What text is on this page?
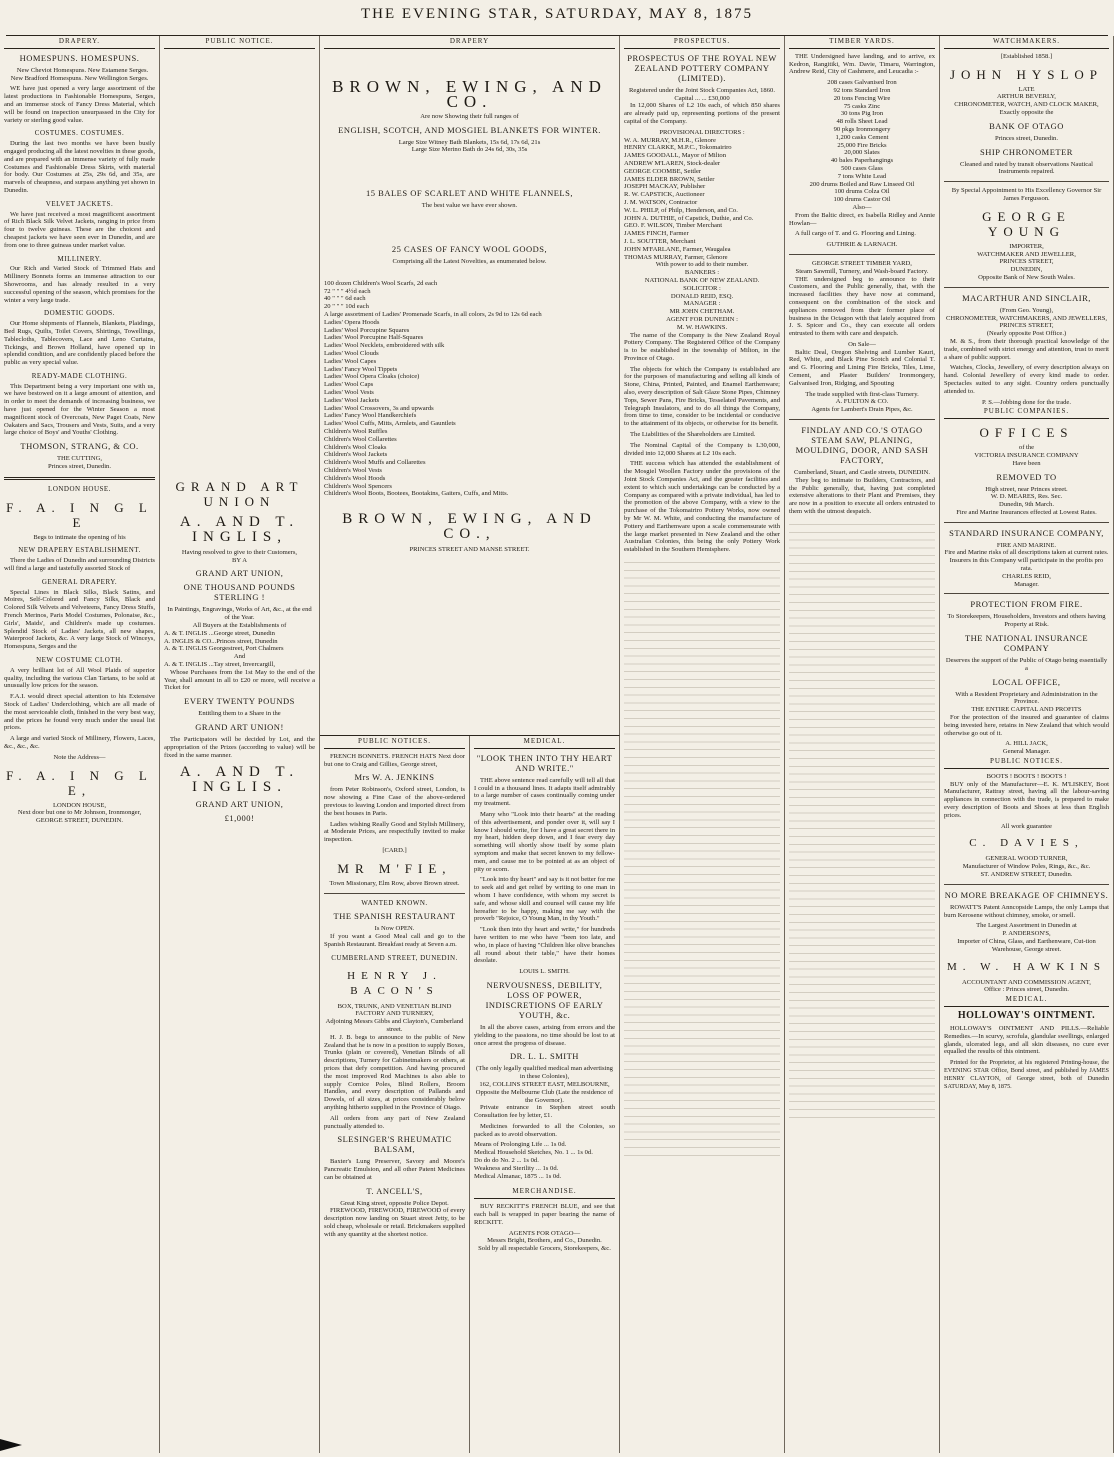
THE EVENING STAR, SATURDAY, MAY 8, 1875
DRAPERY.
HOMESPUNS. HOMESPUNS.
New Cheviot Homespuns. New Estamene Serges. New Bradford Homespuns. New Wellington Serges.
WE have just opened a very large assortment of the latest productions in Fashionable Homespuns, Serges, and an immense stock of Fancy Dress Material, which will be found on inspection unsurpassed in the City for variety or sterling good value.
COSTUMES. COSTUMES.
During the last two months we have been busily engaged producing all the latest novelties in these goods, and are prepared with an immense variety of fully made Costumes and Fashionable Dress Skirts, with material for body. Our Costumes at 25s, 29s 6d, and 35s, are marvels of cheapness, and surpass anything yet shown in Dunedin.
VELVET JACKETS.
We have just received a most magnificent assortment of Rich Black Silk Velvet Jackets, ranging in price from four to twelve guineas. These are the choicest and cheapest jackets we have seen ever in Dunedin, and are from one to three guineas under market value.
MILLINERY.
Our Rich and Varied Stock of Trimmed Hats and Millinery Bonnets forms an immense attraction to our Showrooms, and has already resulted in a very successful opening of the season, which promises for the winter a very large trade.
DOMESTIC GOODS.
Our Home shipments of Flannels, Blankets, Plaidings, Bed Rugs, Quilts, Toilet Covers, Shirtings, Towellings, Tablecloths, Tablecovers, Lace and Leno Curtains, Tickings, and Brown Holland, have opened up in splendid condition, and are confidently placed before the public as very special value.
READY-MADE CLOTHING.
This Department being a very important one with us, we have bestowed on it a large amount of attention, and in order to meet the demands of increasing business, we have just opened for the Winter Season a most magnificent stock of Overcoats, New Paget Coats, New Oakaters and Sacs, Trousers and Vests, Suits, and a very large choice of Boys' and Youths' Clothing.
THOMSON, STRANG, & CO.
THE CUTTING,
Princes street, Dunedin.
LONDON HOUSE.
F. A. I N G L E
Begs to intimate the opening of his
NEW DRAPERY ESTABLISHMENT.
There the Ladies of Dunedin and surrounding Districts will find a large and tastefully assorted Stock of
GENERAL DRAPERY.
Special Lines in Black Silks, Black Satins, and Moires, Self-Colored and Fancy Silks, Black and Colored Silk Velvets and Velveteens, Fancy Dress Stuffs, French Merinos, Paris Model Costumes, Polonaise, &c., Girls', Maids', and Children's made up costumes. Splendid Stock of Ladies' Jackets, all new shapes, Waterproof Jackets, &c. A very large Stock of Winceys, Homespuns, Serges and the
NEW COSTUME CLOTH.
A very brilliant lot of All Wool Plaids of superior quality, including the various Clan Tartans, to be sold at unusually low prices for the season.
F.A.I. would direct special attention to his Extensive Stock of Ladies' Underclothing, which are all made of the most serviceable cloth, finished in the very best way, and the prices he found very much under the usual list prices.
A large and varied Stock of Millinery, Flowers, Laces, &c., &c., &c.
Note the Address—
F. A. I N G L E,
LONDON HOUSE,
Next door but one to Mr Johnson, Ironmonger,
GEORGE STREET, DUNEDIN.
PUBLIC NOTICE.
GRAND ART UNION
A. AND T. INGLIS,
Having resolved to give to their Customers,
BY A
GRAND ART UNION,
ONE THOUSAND POUNDS STERLING !
In Paintings, Engravings, Works of Art, &c., at the end of the Year.
All Buyers at the Establishments of
A. & T. INGLIS ...George street, Dunedin
A. INGLIS & CO...Princes street, Dunedin
A. & T. INGLIS Georgestreet, Port Chalmers
And
A. & T. INGLIS ...Tay street, Invercargill,
Whose Purchases from the 1st May to the end of the Year, shall amount in all to £20 or more, will receive a Ticket for
EVERY TWENTY POUNDS
Entitling them to a Share in the
GRAND ART UNION!
The Participators will be decided by Lot, and the appropriation of the Prizes (according to value) will be fixed in the same manner.
A. AND T. INGLIS.
GRAND ART UNION,
£1,000!
DRAPERY
BROWN, EWING, AND CO.
Are now Showing their full ranges of
ENGLISH, SCOTCH, AND MOSGIEL BLANKETS FOR WINTER.
Large Size Witney Bath Blankets, 15s 6d, 17s 6d, 21s
Large Size Merino Bath do 24s 6d, 30s, 35s
15 BALES OF SCARLET AND WHITE FLANNELS,
The best value we have ever shown.
25 CASES OF FANCY WOOL GOODS,
Comprising all the Latest Novelties, as enumerated below.
100 dozen Children's Wool Scarfs, 2d each
72 " " " 4½d each
40 " " " 6d each
20 " " " 10d each
A large assortment of Ladies' Promenade Scarfs, in all colors, 2s 9d to 12s 6d each
Ladies' Opera Hoods
Ladies' Wool Porcupine Squares
Ladies' Wool Porcupine Half-Squares
Ladies' Wool Necklets, embroidered with silk
Ladies' Wool Clouds
Ladies' Wool Capes
Ladies' Fancy Wool Tippets
Ladies' Wool Opera Cloaks (choice)
Ladies' Wool Caps
Ladies' Wool Vests
Ladies' Wool Jackets
Ladies' Wool Crossovers, 3s and upwards
Ladies' Fancy Wool Handkerchiefs
Ladies' Wool Cuffs, Mitts, Armlets, and Gauntlets
Children's Wool Ruffles
Children's Wool Collarettes
Children's Wool Cloaks
Children's Wool Jackets
Children's Wool Muffs and Collarettes
Children's Wool Vests
Children's Wool Hoods
Children's Wool Spencers
Children's Wool Boots, Bootees, Bootakins, Gaiters, Cuffs, and Mitts.
BROWN, EWING, AND CO.,
PRINCES STREET AND MANSE STREET.
PUBLIC NOTICES.
FRENCH BONNETS. FRENCH HATS Next door but one to Craig and Gillies, George street,
Mrs W. A. JENKINS
from Peter Robinson's, Oxford street, London, is now showing a Fine Case of the above-ordered previous to leaving London and imported direct from the best houses in Paris.
Ladies wishing Really Good and Stylish Millinery, at Moderate Prices, are respectfully invited to make inspection.
[CARD.]
MR M'FIE,
Town Missionary, Elm Row, above Brown street.
WANTED KNOWN.
THE SPANISH RESTAURANT
Is Now OPEN.
If you want a Good Meal call and go to the Spanish Restaurant. Breakfast ready at Seven a.m.
CUMBERLAND STREET, DUNEDIN.
HENRY J. BACON'S
BOX, TRUNK, AND VENETIAN BLIND FACTORY AND TURNERY,
Adjoining Messrs Gibbs and Clayton's, Cumberland street.
H. J. B. begs to announce to the public of New Zealand that he is now in a position to supply Boxes, Trunks (plain or covered), Venetian Blinds of all descriptions, Turnery for Cabinetmakers or others, at prices that defy competition. And having procured the most improved Rod Machines is also able to supply Cornice Poles, Blind Rollers, Broom Handles, and every description of Pallands and Dowels, of all sizes, at prices considerably below anything hitherto supplied in the Province of Otago.
All orders from any part of New Zealand punctually attended to.
SLESINGER'S RHEUMATIC BALSAM,
Baxter's Lung Preserver, Savory and Moore's Pancreatic Emulsion, and all other Patent Medicines can be obtained at
T. ANCELL'S,
Great King street, opposite Police Depot.
FIREWOOD, FIREWOOD, FIREWOOD of every description now landing on Stuart street Jetty, to be sold cheap, wholesale or retail. Brickmakers supplied with any quantity at the shortest notice.
MEDICAL.
"LOOK THEN INTO THY HEART AND WRITE."
THE above sentence read carefully will tell all that I could in a thousand lines. It adapts itself admirably to a large number of cases continually coming under my treatment.
Many who "Look into their hearts" at the reading of this advertisement, and ponder over it, will say I know I should write, for I have a great secret there in my heart, hidden deep down, and I fear every day something will shortly show itself by some plain symptom and make that secret known to my fellow-men, and cause me to be pointed at as an object of pity or scorn.
"Look into thy heart" and say is it not better for me to seek aid and get relief by writing to one man in whom I have confidence, with whom my secret is safe, and whose skill and counsel will cause my life hereafter to be happy, making me say with the proverb "Rejoice, O Young Man, in thy Youth."
"Look then into thy heart and write," for hundreds have written to me who have "been too late, and who, in place of having "Children like olive branches all round about their table," have their homes desolate.
LOUIS L. SMITH.
NERVOUSNESS, DEBILITY, LOSS OF POWER, INDISCRETIONS OF EARLY YOUTH, &c.
In all the above cases, arising from errors and the yielding to the passions, no time should be lost to at once arrest the progress of disease.
DR. L. L. SMITH
(The only legally qualified medical man advertising in these Colonies),
162, COLLINS STREET EAST, MELBOURNE,
Opposite the Melbourne Club (Late the residence of the Governor).
Private entrance in Stephen street south Consultation fee by letter, £1.
Medicines forwarded to all the Colonies, so packed as to avoid observation.
Means of Prolonging Life ... 1s 0d.
Medical Household Sketches, No. 1 ... 1s 0d.
Do do do No. 2 ... 1s 0d.
Weakness and Sterility ... 1s 0d.
Medical Almanac, 1875 ... 1s 0d.
MERCHANDISE.
BUY RECKITT'S FRENCH BLUE, and see that each ball is wrapped in paper bearing the name of RECKITT.
AGENTS FOR OTAGO—
Messrs Bright, Brothers, and Co., Dunedin.
Sold by all respectable Grocers, Storekeepers, &c.
PROSPECTUS.
PROSPECTUS OF THE ROYAL NEW ZEALAND POTTERY COMPANY (LIMITED).
Registered under the Joint Stock Companies Act, 1860.
Capital ... ... £30,000
In 12,000 Shares of L2 10s each, of which 850 shares are already paid up, representing portions of the present capital of the Company.
PROVISIONAL DIRECTORS :
W. A. MURRAY, M.H.R., Glenore
HENRY CLARKE, M.P.C., Tokomairiro
JAMES GOODALL, Mayor of Milton
ANDREW M'LAREN, Stock-dealer
GEORGE COOMBE, Settler
JAMES ELDER BROWN, Settler
JOSEPH MACKAY, Publisher
R. W. CAPSTICK, Auctioneer
J. M. WATSON, Contractor
W. L. PHILP, of Philp, Henderson, and Co.
JOHN A. DUTHIE, of Capstick, Duthie, and Co.
GEO. F. WILSON, Timber Merchant
JAMES FINCH, Farmer
J. L. SOUTTER, Merchant
JOHN M'FARLANE, Farmer, Waugalea
THOMAS MURRAY, Farmer, Glenore
With power to add to their number.
BANKERS :
NATIONAL BANK OF NEW ZEALAND.
SOLICITOR :
DONALD REID, ESQ.
MANAGER :
MR JOHN CHETHAM.
AGENT FOR DUNEDIN :
M. W. HAWKINS.
The name of the Company is the New Zealand Royal Pottery Company. The Registered Office of the Company is to be established in the township of Milton, in the Province of Otago.
The objects for which the Company is established are for the purposes of manufacturing and selling all kinds of Stone, China, Printed, Painted, and Enamel Earthenware; also, every description of Salt Glaze Stone Pipes, Chimney Tops, Sewer Pans, Fire Bricks, Tesselated Pavements, and Telegraph Insulators, and to do all things the Company, from time to time, consider to be incidental or conducive to the attainment of its objects, or otherwise for its benefit.
The Liabilities of the Shareholders are Limited.
The Nominal Capital of the Company is L30,000, divided into 12,000 Shares at L2 10s each.
THE success which has attended the establishment of the Mosgiel Woollen Factory under the provisions of the Joint Stock Companies Act, and the greater facilities and extent to which such undertakings can be conducted by a Company as compared with a private individual, has led to the promotion of the above Company, with a view to the purchase of the Tokomairiro Pottery Works, now owned by Mr W. M. White, and conducting the manufacture of Pottery and Earthenware upon a scale commensurate with the large market presented in New Zealand and the other Australian Colonies, this being the only Pottery Work established in the Southern Hemisphere.
TIMBER YARDS.
THE Undersigned have landing, and to arrive, ex Kedron, Rangitiki, Wm. Davie, Timaru, Warrington, Andrew Reid, City of Cashmere, and Leucadia :-
208 cases Galvanised Iron
92 tons Standard Iron
20 tons Fencing Wire
75 casks Zinc
30 tons Pig Iron
48 rolls Sheet Lead
90 pkgs Ironmongery
1,200 casks Cement
25,000 Fire Bricks
20,000 Slates
40 bales Paperhangings
500 cases Glass
7 tons White Lead
200 drums Boiled and Raw Linseed Oil
100 drums Colza Oil
100 drums Castor Oil
Also—
From the Baltic direct, ex Isabella Ridley and Annie Howlan—
A full cargo of T. and G. Flooring and Lining.
GUTHRIE & LARNACH.
GEORGE STREET TIMBER YARD,
Steam Sawmill, Turnery, and Wash-board Factory.
THE undersigned beg to announce to their Customers, and the Public generally, that, with the increased facilities they have now at command, consequent on the combination of the stock and appliances removed from their former place of business in the Octagon with that lately acquired from J. S. Spicer and Co., they can execute all orders entrusted to them with care and despatch.
On Sale—
Baltic Deal, Oregon Shelving and Lumber Kauri, Red, White, and Black Pine Scotch and Colonial T. and G. Flooring and Lining Fire Bricks, Tiles, Lime, Cement, and Plaster Builders' Ironmongery, Galvanised Iron, Ridging, and Spouting
The trade supplied with first-class Turnery.
A. FULTON & CO.
Agents for Lambert's Drain Pipes, &c.
FINDLAY AND CO.'S OTAGO STEAM SAW, PLANING, MOULDING, DOOR, AND SASH FACTORY,
Cumberland, Stuart, and Castle streets, DUNEDIN.
They beg to intimate to Builders, Contractors, and the Public generally, that, having just completed extensive alterations to their Plant and Premises, they are now in a position to execute all orders entrusted to them with the utmost despatch.
WATCHMAKERS.
[Established 1858.]
JOHN HYSLOP
LATE
ARTHUR BEVERLY,
CHRONOMETER, WATCH, AND CLOCK MAKER,
Exactly opposite the
BANK OF OTAGO
Princes street, Dunedin.
SHIP CHRONOMETER
Cleaned and rated by transit observations Nautical Instruments repaired.
By Special Appointment to His Excellency Governor Sir James Fergusson.
GEORGE YOUNG
IMPORTER,
WATCHMAKER AND JEWELLER,
PRINCES STREET,
DUNEDIN,
Opposite Bank of New South Wales.
MACARTHUR AND SINCLAIR,
(From Geo. Young),
CHRONOMETER, WATCHMAKERS, AND JEWELLERS,
PRINCES STREET,
(Nearly opposite Post Office.)
M. & S., from their thorough practical knowledge of the trade, combined with strict energy and attention, trust to merit a share of public support.
Watches, Clocks, Jewellery, of every description always on hand. Colonial Jewellery of every kind made to order. Spectacles suited to any sight. Country orders punctually attended to.
P. S.—Jobbing done for the trade.
PUBLIC COMPANIES.
OFFICES
of the
VICTORIA INSURANCE COMPANY
Have been
REMOVED TO
High street, near Princes street.
W. D. MEARES, Res. Sec.
Dunedin, 9th March.
Fire and Marine Insurances effected at Lowest Rates.
STANDARD INSURANCE COMPANY,
FIRE AND MARINE.
Fire and Marine risks of all descriptions taken at current rates.
Insurers in this Company will participate in the profits pro rata.
CHARLES REID,
Manager.
PROTECTION FROM FIRE.
To Storekeepers, Householders, Investors and others having Property at Risk.
THE NATIONAL INSURANCE COMPANY
Deserves the support of the Public of Otago being essentially a
LOCAL OFFICE,
With a Resident Proprietary and Administration in the Province.
THE ENTIRE CAPITAL AND PROFITS
For the protection of the insured and guarantee of claims being invested here, retains in New Zealand that which would otherwise go out of it.
A. HILL JACK,
General Manager.
PUBLIC NOTICES.
BOOTS ! BOOTS ! BOOTS !
BUY only of the Manufacturer—E. K. M'LISKEY, Boot Manufacturer, Rattray street, having all the labour-saving appliances in connection with the trade, is prepared to make every description of Boots and Shoes at less than English prices.
All work guarantee
C. DAVIES,
GENERAL WOOD TURNER,
Manufacturer of Window Poles, Rings, &c., &c.
ST. ANDREW STREET, Dunedin.
NO MORE BREAKAGE OF CHIMNEYS.
ROWATT'S Patent Anncopside Lamps, the only Lamps that burn Kerosene without chimney, smoke, or smell.
The Largest Assortment in Dunedin at
P. ANDERSON'S,
Importer of China, Glass, and Earthenware, Cut-tion Warehouse, George street.
M. W. HAWKINS
ACCOUNTANT AND COMMISSION AGENT,
Office : Princes street, Dunedin.
MEDICAL.
HOLLOWAY'S OINTMENT.
HOLLOWAY'S OINTMENT AND PILLS.—Reliable Remedies.—In scurvy, scrofula, glandular swellings, enlarged glands, ulcerated legs, and all skin diseases, no cure ever equalled the results of this ointment.
Printed for the Proprietor, at his registered Printing-house, the EVENING STAR Office, Bond street, and published by JAMES HENRY CLAYTON, of George street, both of Dunedin SATURDAY, May 8, 1875.
